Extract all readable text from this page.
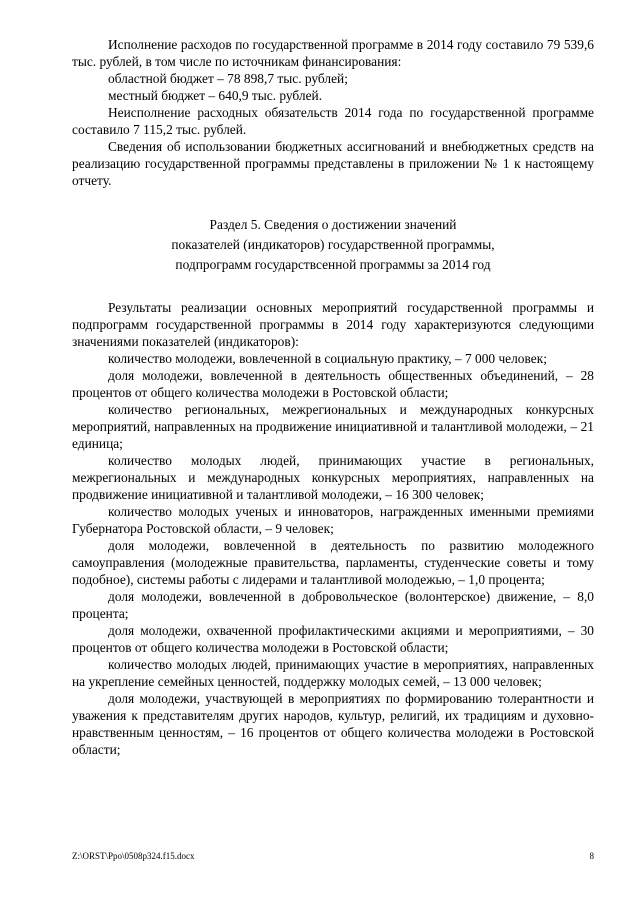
Исполнение расходов по государственной программе в 2014 году составило 79 539,6 тыс. рублей, в том числе по источникам финансирования:

областной бюджет – 78 898,7 тыс. рублей;

местный бюджет – 640,9 тыс. рублей.

Неисполнение расходных обязательств 2014 года по государственной программе составило 7 115,2 тыс. рублей.

Сведения об использовании бюджетных ассигнований и внебюджетных средств на реализацию государственной программы представлены в приложении № 1 к настоящему отчету.

Раздел 5. Сведения о достижении значений

показателей (индикаторов) государственной программы,

подпрограмм государствсенной программы за 2014 год

Результаты реализации основных мероприятий государственной программы и подпрограмм государственной программы в 2014 году характеризуются следующими значениями показателей (индикаторов):

количество молодежи, вовлеченной в социальную практику, – 7 000 человек;

доля молодежи, вовлеченной в деятельность общественных объединений, – 28 процентов от общего количества молодежи в Ростовской области;

количество региональных, межрегиональных и международных конкурсных мероприятий, направленных на продвижение инициативной и талантливой молодежи, – 21 единица;

количество молодых людей, принимающих участие в региональных, межрегиональных и международных конкурсных мероприятиях, направленных на продвижение инициативной и талантливой молодежи, – 16 300 человек;

количество молодых ученых и инноваторов, награжденных именными премиями Губернатора Ростовской области, – 9 человек;

доля молодежи, вовлеченной в деятельность по развитию молодежного самоуправления (молодежные правительства, парламенты, студенческие советы и тому подобное), системы работы с лидерами и талантливой молодежью, – 1,0 процента;

доля молодежи, вовлеченной в добровольческое (волонтерское) движение, – 8,0 процента;

доля молодежи, охваченной профилактическими акциями и мероприятиями, – 30 процентов от общего количества молодежи в Ростовской области;

количество молодых людей, принимающих участие в мероприятиях, направленных на укрепление семейных ценностей, поддержку молодых семей, – 13 000 человек;

доля молодежи, участвующей в мероприятиях по формированию толерантности и уважения к представителям других народов, культур, религий, их традициям и духовно-нравственным ценностям, – 16 процентов от общего количества молодежи в Ростовской области;

Z:\ORST\Ppo\0508p324.f15.docx	8
